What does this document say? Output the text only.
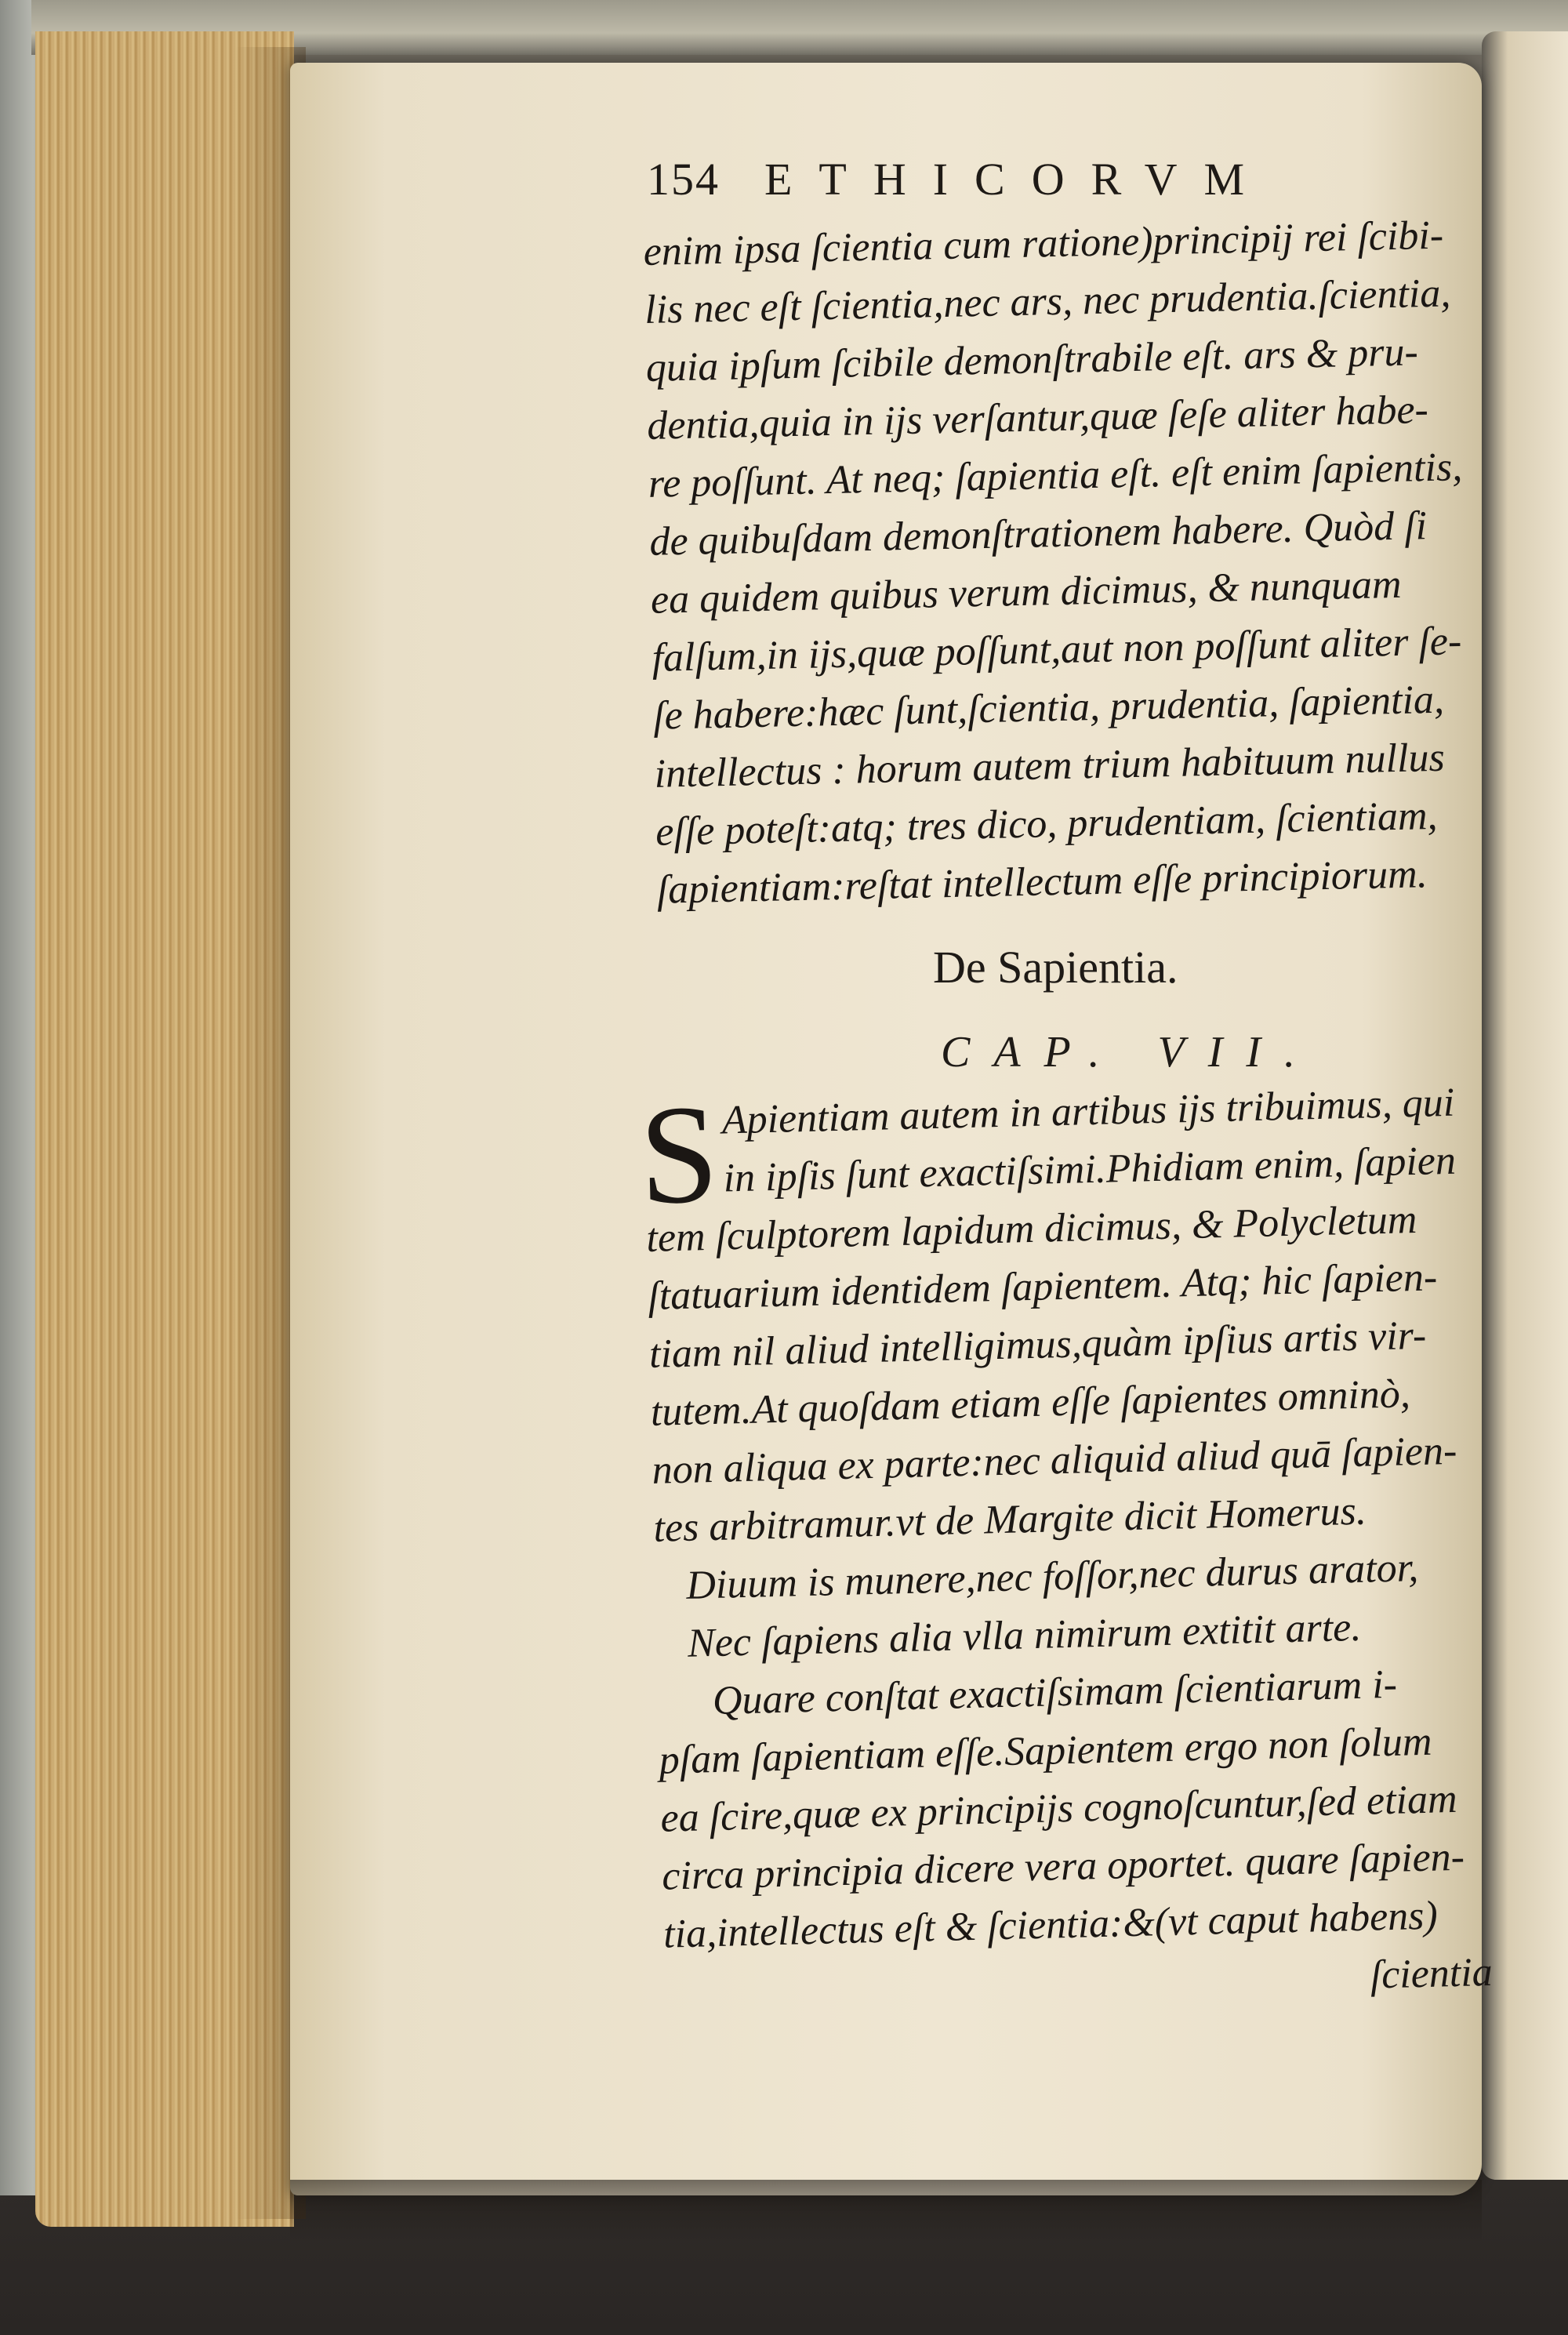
154 ETHICORVM
enim ipsa ſcientia cum ratione)principij rei ſcibi-
lis nec eſt ſcientia,nec ars, nec prudentia.ſcientia,
quia ipſum ſcibile demonſtrabile eſt. ars & pru-
dentia,quia in ijs verſantur,quæ ſeſe aliter habe-
re poſſunt. At neq; ſapientia eſt. eſt enim ſapientis,
de quibuſdam demonſtrationem habere. Quòd ſi
ea quidem quibus verum dicimus, & nunquam
falſum,in ijs,quæ poſſunt,aut non poſſunt aliter ſe-
ſe habere:hæc ſunt,ſcientia, prudentia, ſapientia,
intellectus : horum autem trium habituum nullus
eſſe poteſt:atq; tres dico, prudentiam, ſcientiam,
ſapientiam:reſtat intellectum eſſe principiorum.
De Sapientia.
CAP. VII.
S Apientiam autem in artibus ijs tribuimus, qui
in ipſis ſunt exactiſsimi.Phidiam enim, ſapien
tem ſculptorem lapidum dicimus, & Polycletum
ſtatuarium identidem ſapientem. Atq; hic ſapien-
tiam nil aliud intelligimus,quàm ipſius artis vir-
tutem.At quoſdam etiam eſſe ſapientes omninò,
non aliqua ex parte:nec aliquid aliud quā ſapien-
tes arbitramur.vt de Margite dicit Homerus.
Diuum is munere,nec foſſor,nec durus arator,
Nec ſapiens alia vlla nimirum extitit arte.
Quare conſtat exactiſsimam ſcientiarum i-
pſam ſapientiam eſſe.Sapientem ergo non ſolum
ea ſcire,quæ ex principijs cognoſcuntur,ſed etiam
circa principia dicere vera oportet. quare ſapien-
tia,intellectus eſt & ſcientia:&(vt caput habens)
ſcientia
